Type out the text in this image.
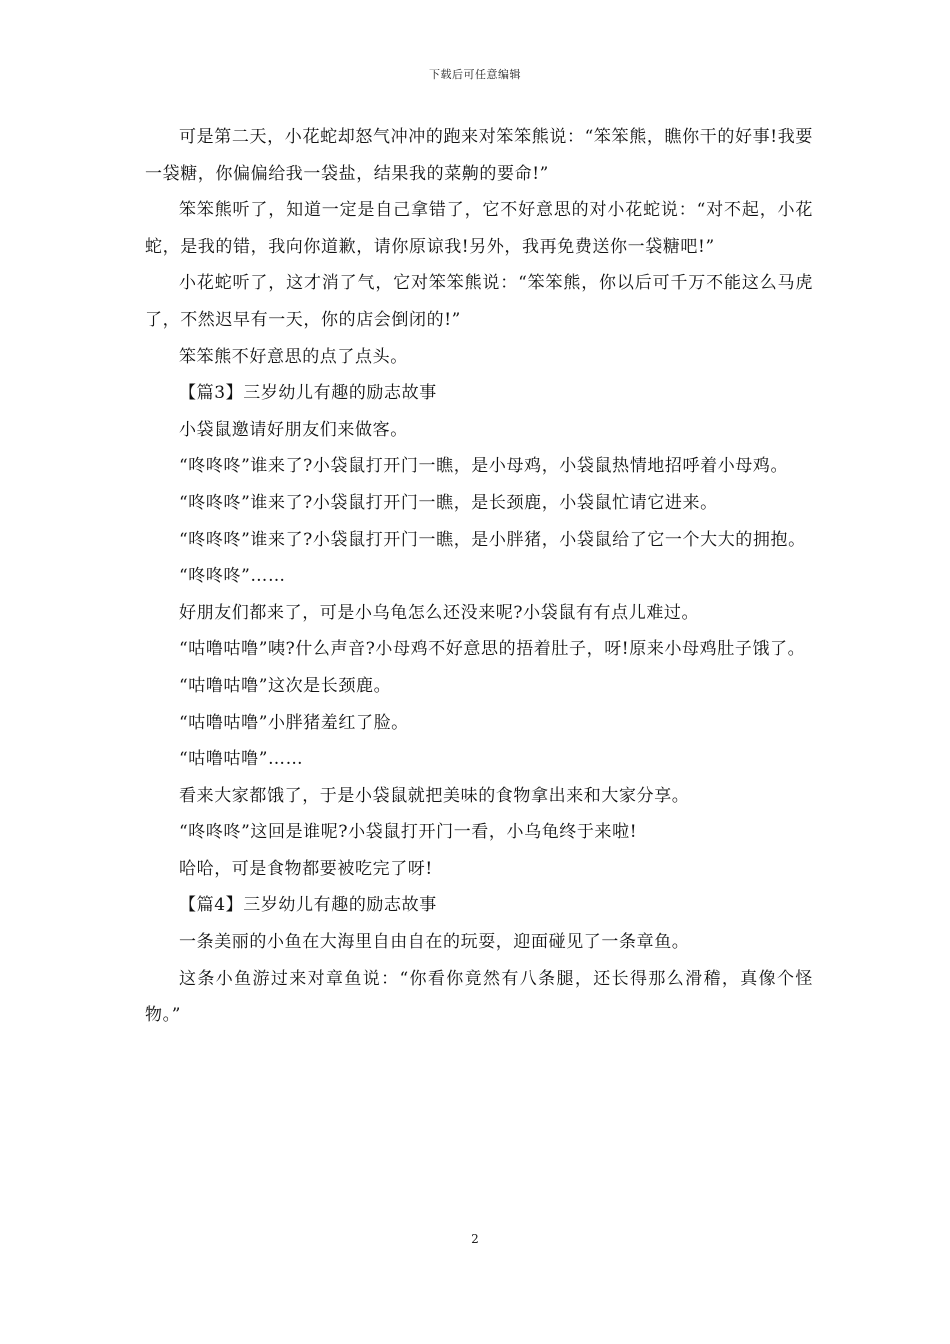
下载后可任意编辑

可是第二天，小花蛇却怒气冲冲的跑来对笨笨熊说：“笨笨熊，瞧你干的好事!我要一袋糖，你偏偏给我一袋盐，结果我的菜齁的要命!”

笨笨熊听了，知道一定是自己拿错了，它不好意思的对小花蛇说：“对不起，小花蛇，是我的错，我向你道歉，请你原谅我!另外，我再免费送你一袋糖吧!”

小花蛇听了，这才消了气，它对笨笨熊说：“笨笨熊，你以后可千万不能这么马虎了，不然迟早有一天，你的店会倒闭的!”

笨笨熊不好意思的点了点头。

【篇3】三岁幼儿有趣的励志故事

小袋鼠邀请好朋友们来做客。

“咚咚咚”谁来了?小袋鼠打开门一瞧，是小母鸡，小袋鼠热情地招呼着小母鸡。

“咚咚咚”谁来了?小袋鼠打开门一瞧，是长颈鹿，小袋鼠忙请它进来。

“咚咚咚”谁来了?小袋鼠打开门一瞧，是小胖猪，小袋鼠给了它一个大大的拥抱。

“咚咚咚”……

好朋友们都来了，可是小乌龟怎么还没来呢?小袋鼠有有点儿难过。

“咕噜咕噜”咦?什么声音?小母鸡不好意思的捂着肚子，呀!原来小母鸡肚子饿了。

“咕噜咕噜”这次是长颈鹿。

“咕噜咕噜”小胖猪羞红了脸。

“咕噜咕噜”……

看来大家都饿了，于是小袋鼠就把美味的食物拿出来和大家分享。

“咚咚咚”这回是谁呢?小袋鼠打开门一看，小乌龟终于来啦!

哈哈，可是食物都要被吃完了呀!

【篇4】三岁幼儿有趣的励志故事

一条美丽的小鱼在大海里自由自在的玩耍，迎面碰见了一条章鱼。

这条小鱼游过来对章鱼说：“你看你竟然有八条腿，还长得那么滑稽，真像个怪物。”

2
